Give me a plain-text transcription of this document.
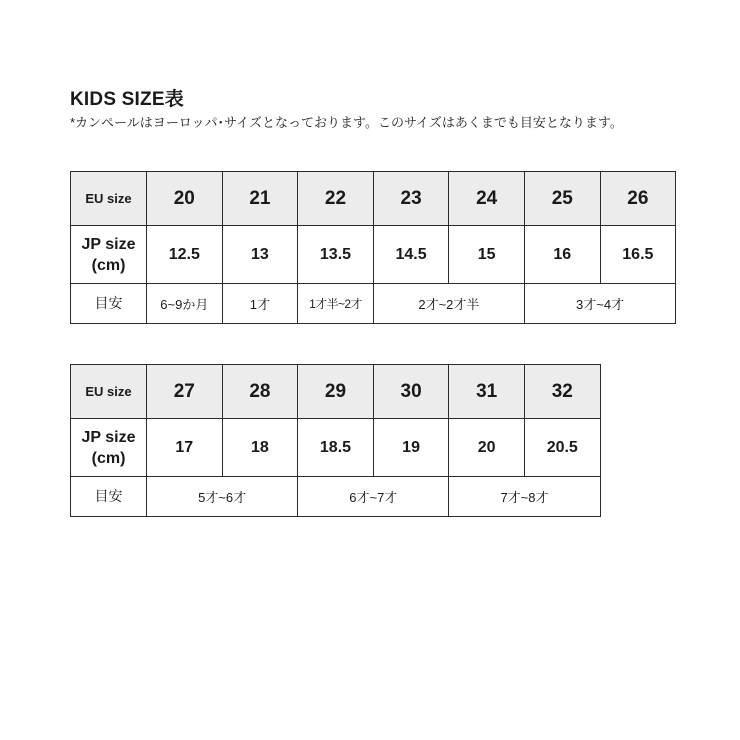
KIDS SIZE表
*カンペールはヨーロッパ･サイズとなっております。このサイズはあくまでも目安となります。
EU size	20	21	22	23	24	25	26
JP size
(cm)	12.5	13	13.5	14.5	15	16	16.5
目安	6~9か月	1才	1才半~2才	2才~2才半		3才~4才	
EU size	27	28	29	30	31	32
JP size
(cm)	17	18	18.5	19	20	20.5
目安	5才~6才		6才~7才		7才~8才	
